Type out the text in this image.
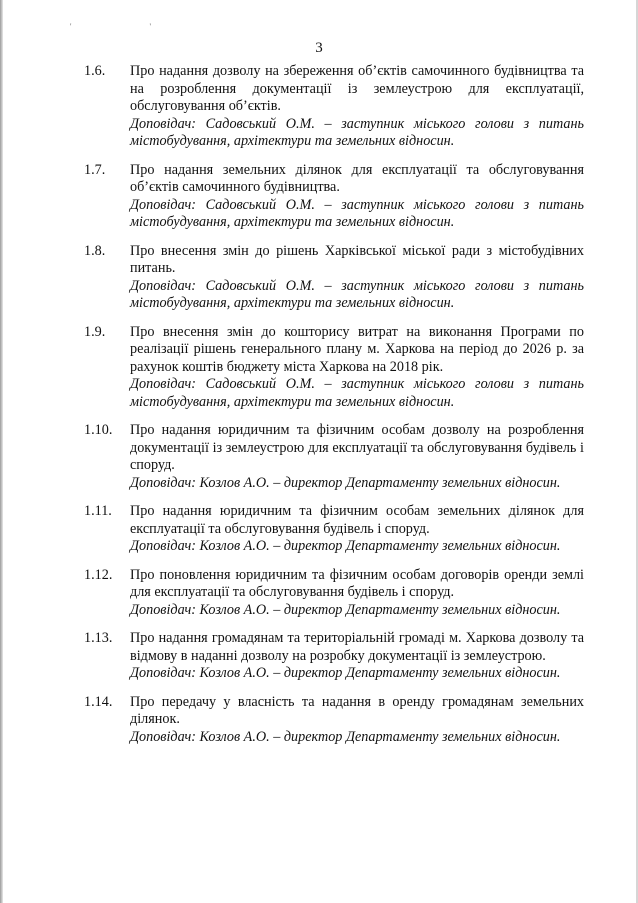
' '
3
1.6.	Про надання дозволу на збереження об’єктів самочинного будівництва та на розроблення документації із землеустрою для експлуатації, обслуговування об’єктів.
Доповідач: Садовський О.М. – заступник міського голови з питань містобудування, архітектури та земельних відносин.
1.7.	Про надання земельних ділянок для експлуатації та обслуговування об’єктів самочинного будівництва.
Доповідач: Садовський О.М. – заступник міського голови з питань містобудування, архітектури та земельних відносин.
1.8.	Про внесення змін до рішень Харківської міської ради з містобудівних питань.
Доповідач: Садовський О.М. – заступник міського голови з питань містобудування, архітектури та земельних відносин.
1.9.	Про внесення змін до кошторису витрат на виконання Програми по реалізації рішень генерального плану м. Харкова на період до 2026 р. за рахунок коштів бюджету міста Харкова на 2018 рік.
Доповідач: Садовський О.М. – заступник міського голови з питань містобудування, архітектури та земельних відносин.
1.10.	Про надання юридичним та фізичним особам дозволу на розроблення документації із землеустрою для експлуатації та обслуговування будівель і споруд.
Доповідач: Козлов А.О. – директор Департаменту земельних відносин.
1.11.	Про надання юридичним та фізичним особам земельних ділянок для експлуатації та обслуговування будівель і споруд.
Доповідач: Козлов А.О. – директор Департаменту земельних відносин.
1.12.	Про поновлення юридичним та фізичним особам договорів оренди землі для експлуатації та обслуговування будівель і споруд.
Доповідач: Козлов А.О. – директор Департаменту земельних відносин.
1.13.	Про надання громадянам та територіальній громаді м. Харкова дозволу та відмову в наданні дозволу на розробку документації із землеустрою.
Доповідач: Козлов А.О. – директор Департаменту земельних відносин.
1.14.	Про передачу у власність та надання в оренду громадянам земельних ділянок.
Доповідач: Козлов А.О. – директор Департаменту земельних відносин.
